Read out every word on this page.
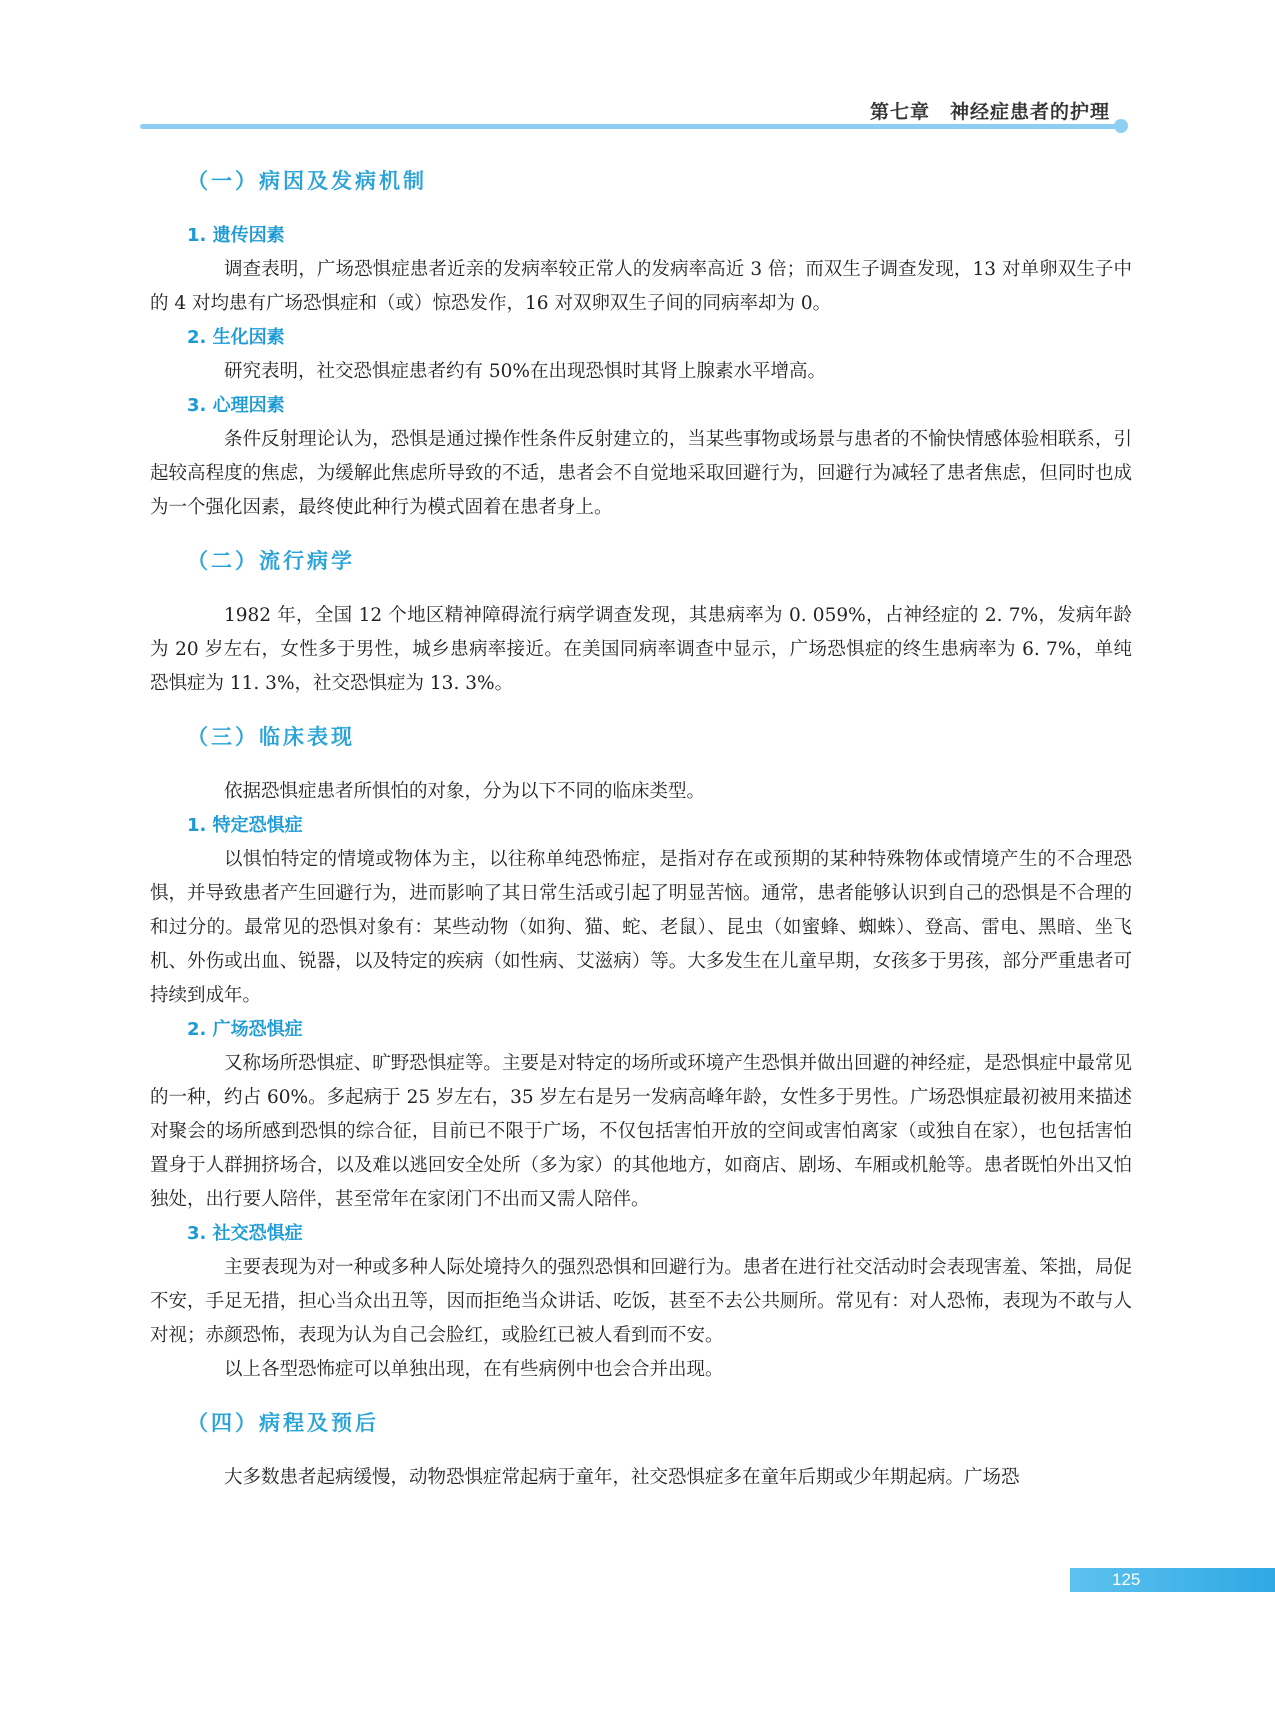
第七章　神经症患者的护理
（一）病因及发病机制
1. 遗传因素

调查表明，广场恐惧症患者近亲的发病率较正常人的发病率高近 3 倍；而双生子调查发现，13 对单卵双生子中的 4 对均患有广场恐惧症和（或）惊恐发作，16 对双卵双生子间的同病率却为 0。

2. 生化因素

研究表明，社交恐惧症患者约有 50%在出现恐惧时其肾上腺素水平增高。

3. 心理因素

条件反射理论认为，恐惧是通过操作性条件反射建立的，当某些事物或场景与患者的不愉快情感体验相联系，引起较高程度的焦虑，为缓解此焦虑所导致的不适，患者会不自觉地采取回避行为，回避行为减轻了患者焦虑，但同时也成为一个强化因素，最终使此种行为模式固着在患者身上。

（二）流行病学

1982 年，全国 12 个地区精神障碍流行病学调查发现，其患病率为 0. 059%，占神经症的 2. 7%，发病年龄为 20 岁左右，女性多于男性，城乡患病率接近。在美国同病率调查中显示，广场恐惧症的终生患病率为 6. 7%，单纯恐惧症为 11. 3%，社交恐惧症为 13. 3%。

（三）临床表现

依据恐惧症患者所惧怕的对象，分为以下不同的临床类型。

1. 特定恐惧症

以惧怕特定的情境或物体为主，以往称单纯恐怖症，是指对存在或预期的某种特殊物体或情境产生的不合理恐惧，并导致患者产生回避行为，进而影响了其日常生活或引起了明显苦恼。通常，患者能够认识到自己的恐惧是不合理的和过分的。最常见的恐惧对象有：某些动物（如狗、猫、蛇、老鼠）、昆虫（如蜜蜂、蜘蛛）、登高、雷电、黑暗、坐飞机、外伤或出血、锐器，以及特定的疾病（如性病、艾滋病）等。大多发生在儿童早期，女孩多于男孩，部分严重患者可持续到成年。

2. 广场恐惧症

又称场所恐惧症、旷野恐惧症等。主要是对特定的场所或环境产生恐惧并做出回避的神经症，是恐惧症中最常见的一种，约占 60%。多起病于 25 岁左右，35 岁左右是另一发病高峰年龄，女性多于男性。广场恐惧症最初被用来描述对聚会的场所感到恐惧的综合征，目前已不限于广场，不仅包括害怕开放的空间或害怕离家（或独自在家），也包括害怕置身于人群拥挤场合，以及难以逃回安全处所（多为家）的其他地方，如商店、剧场、车厢或机舱等。患者既怕外出又怕独处，出行要人陪伴，甚至常年在家闭门不出而又需人陪伴。

3. 社交恐惧症

主要表现为对一种或多种人际处境持久的强烈恐惧和回避行为。患者在进行社交活动时会表现害羞、笨拙，局促不安，手足无措，担心当众出丑等，因而拒绝当众讲话、吃饭，甚至不去公共厕所。常见有：对人恐怖，表现为不敢与人对视；赤颜恐怖，表现为认为自己会脸红，或脸红已被人看到而不安。

以上各型恐怖症可以单独出现，在有些病例中也会合并出现。

（四）病程及预后

大多数患者起病缓慢，动物恐惧症常起病于童年，社交恐惧症多在童年后期或少年期起病。广场恐

125
